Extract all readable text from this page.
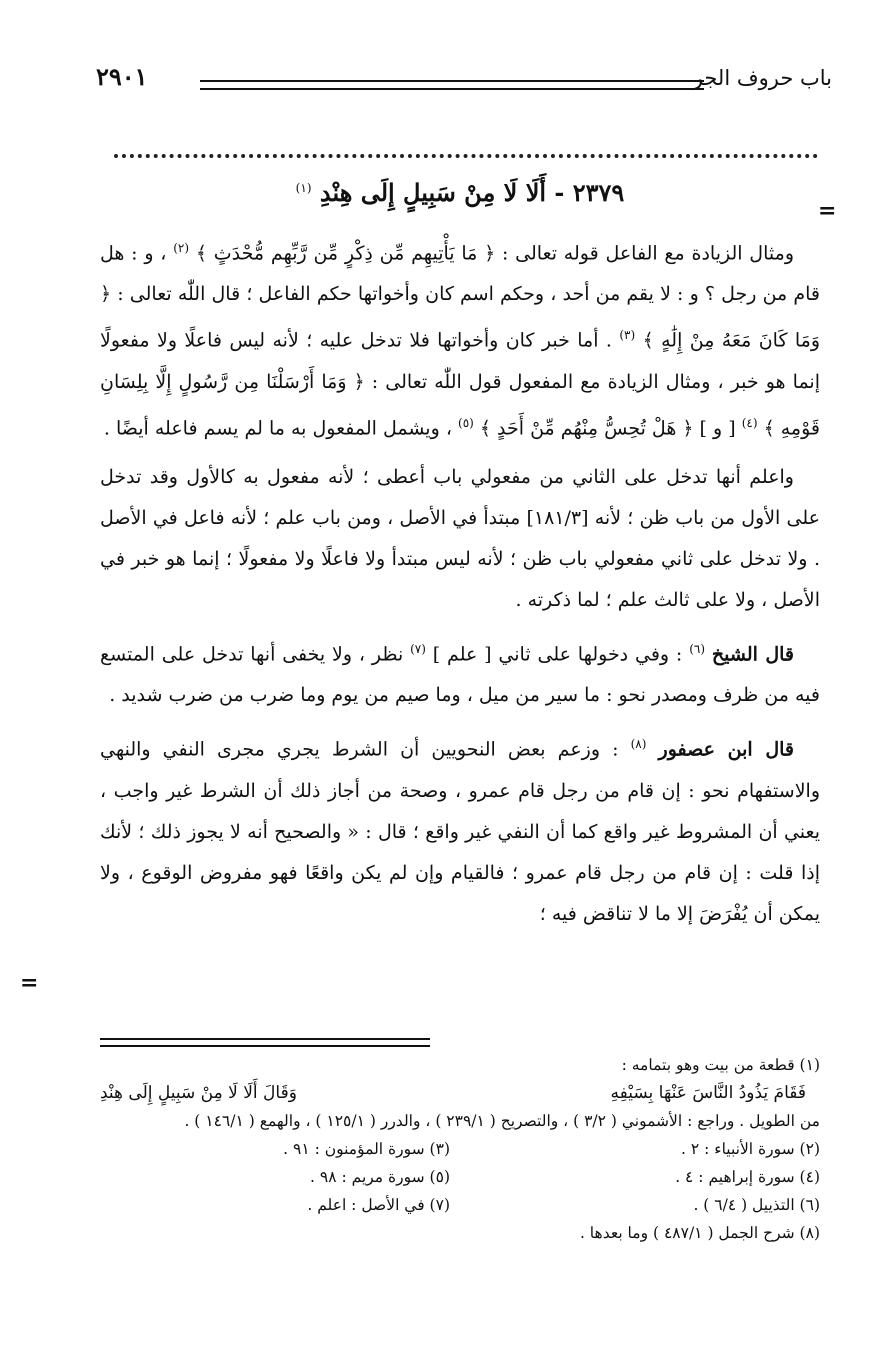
=
=
باب حروف الجر
٢٩٠١
٢٣٧٩ - أَلَا لَا مِنْ سَبِيلٍ إِلَى هِنْدِ $^{(١)}$

ومثال الزيادة مع الفاعل قوله تعالى : ﴿ مَا يَأْتِيهِم مِّن ذِكْرٍ مِّن رَّبِّهِم مُّحْدَثٍ ﴾ $^{(٢)}$ ، و : هل قام من رجل ؟ و : لا يقم من أحد ، وحكم اسم كان وأخواتها حكم الفاعل ؛ قال اللّٰه تعالى : ﴿ وَمَا كَانَ مَعَهُ مِنْ إِلَٰهٍ ﴾ $^{(٣)}$ . أما خبر كان وأخواتها فلا تدخل عليه ؛ لأنه ليس فاعلًا ولا مفعولًا إنما هو خبر ، ومثال الزيادة مع المفعول قول اللّٰه تعالى : ﴿ وَمَا أَرْسَلْنَا مِن رَّسُولٍ إِلَّا بِلِسَانِ قَوْمِهِ ﴾ $^{(٤)}$ [ و ] ﴿ هَلْ تُحِسُّ مِنْهُم مِّنْ أَحَدٍ ﴾ $^{(٥)}$ ، ويشمل المفعول به ما لم يسم فاعله أيضًا .

واعلم أنها تدخل على الثاني من مفعولي باب أعطى ؛ لأنه مفعول به كالأول وقد تدخل على الأول من باب ظن ؛ لأنه [١٨١/٣] مبتدأ في الأصل ، ومن باب علم ؛ لأنه فاعل في الأصل . ولا تدخل على ثاني مفعولي باب ظن ؛ لأنه ليس مبتدأ ولا فاعلًا ولا مفعولًا ؛ إنما هو خبر في الأصل ، ولا على ثالث علم ؛ لما ذكرته .

قال الشيخ $^{(٦)}$ : وفي دخولها على ثاني [ علم ] $^{(٧)}$ نظر ، ولا يخفى أنها تدخل على المتسع فيه من ظرف ومصدر نحو : ما سير من ميل ، وما صيم من يوم وما ضرب من ضرب شديد .

قال ابن عصفور $^{(٨)}$ : وزعم بعض النحويين أن الشرط يجري مجرى النفي والنهي والاستفهام نحو : إن قام من رجل قام عمرو ، وصحة من أجاز ذلك أن الشرط غير واجب ، يعني أن المشروط غير واقع كما أن النفي غير واقع ؛ قال : « والصحيح أنه لا يجوز ذلك ؛ لأنك إذا قلت : إن قام من رجل قام عمرو ؛ فالقيام وإن لم يكن واقعًا فهو مفروض الوقوع ، ولا يمكن أن يُفْرَضَ إلا ما لا تناقض فيه ؛

(١) قطعة من بيت وهو بتمامه :
فَقَامَ يَذُودُ النَّاسَ عَنْهَا بِسَيْفِهِ
وَقَالَ أَلَا لَا مِنْ سَبِيلٍ إِلَى هِنْدِ
من الطويل . وراجع : الأشموني ( ٣/٢ ) ، والتصريح ( ٢٣٩/١ ) ، والدرر ( ١٢٥/١ ) ، والهمع ( ١٤٦/١ ) .
(٢) سورة الأنبياء : ٢ .
(٣) سورة المؤمنون : ٩١ .
(٤) سورة إبراهيم : ٤ .
(٥) سورة مريم : ٩٨ .
(٦) التذييل ( ٦/٤ ) .
(٧) في الأصل : اعلم .
(٨) شرح الجمل ( ٤٨٧/١ ) وما بعدها .
